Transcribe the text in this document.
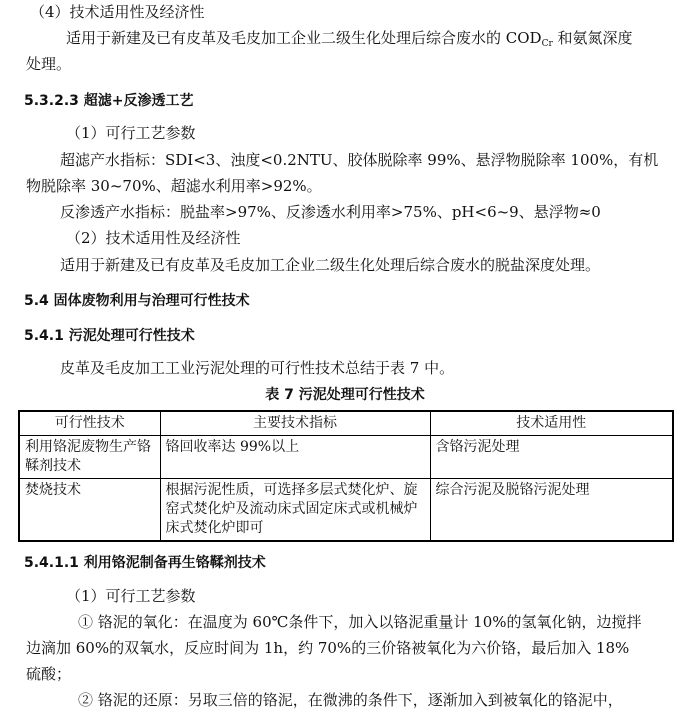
（4）技术适用性及经济性
适用于新建及已有皮革及毛皮加工企业二级生化处理后综合废水的 $COD_{Cr}$ 和氨氮深度
处理。
5.3.2.3 超滤+反渗透工艺
（1）可行工艺参数
超滤产水指标：SDI<3、浊度<0.2NTU、胶体脱除率 99%、悬浮物脱除率 100%，有机
物脱除率 30~70%、超滤水利用率>92%。
反渗透产水指标：脱盐率>97%、反渗透水利用率>75%、pH<6~9、悬浮物≈0
（2）技术适用性及经济性
适用于新建及已有皮革及毛皮加工企业二级生化处理后综合废水的脱盐深度处理。
5.4 固体废物利用与治理可行性技术
5.4.1 污泥处理可行性技术
皮革及毛皮加工工业污泥处理的可行性技术总结于表 7 中。
表 7 污泥处理可行性技术
可行性技术	主要技术指标	技术适用性
利用铬泥废物生产铬鞣剂技术	铬回收率达 99%以上	含铬污泥处理
焚烧技术	根据污泥性质，可选择多层式焚化炉、旋窑式焚化炉及流动床式固定床式或机械炉床式焚化炉即可	综合污泥及脱铬污泥处理
5.4.1.1 利用铬泥制备再生铬鞣剂技术
（1）可行工艺参数
① 铬泥的氧化：在温度为 60℃条件下，加入以铬泥重量计 10%的氢氧化钠，边搅拌
边滴加 60%的双氧水，反应时间为 1h，约 70%的三价铬被氧化为六价铬，最后加入 18%
硫酸；
② 铬泥的还原：另取三倍的铬泥，在微沸的条件下，逐渐加入到被氧化的铬泥中，
